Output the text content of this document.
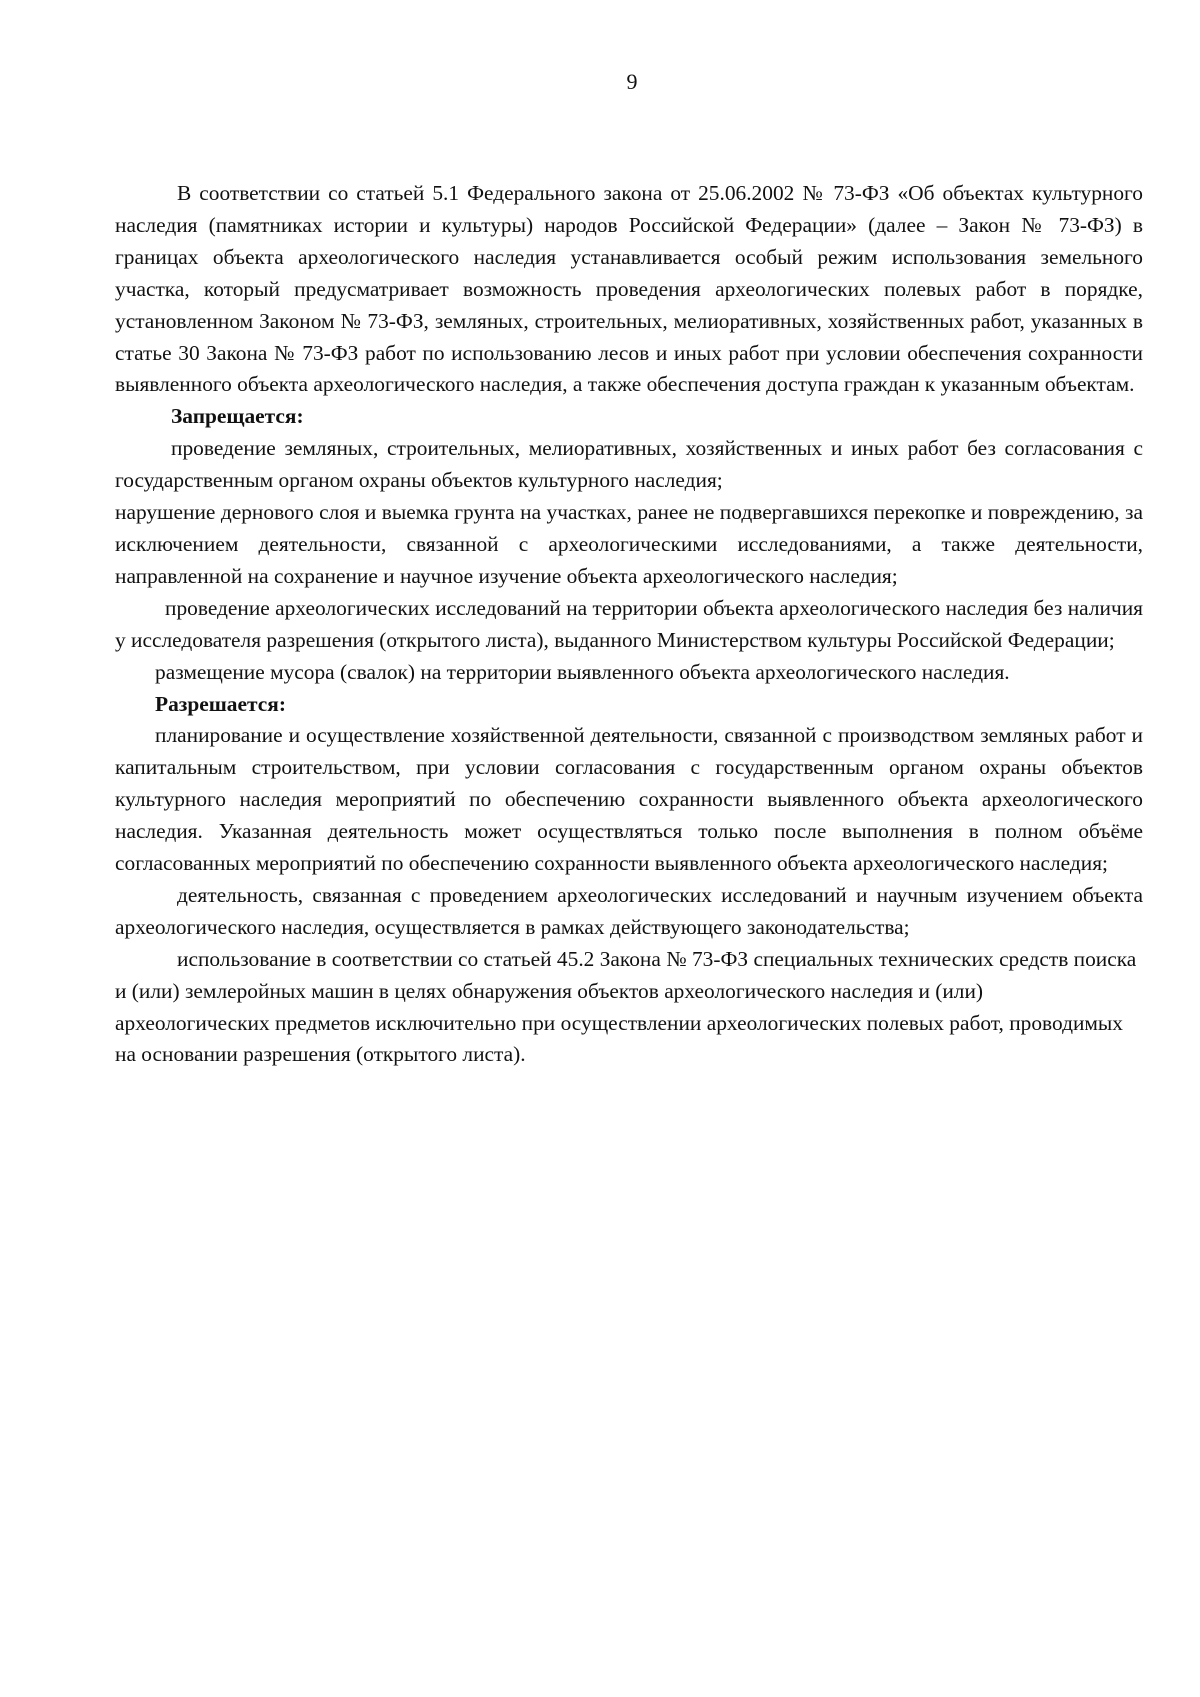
9

В соответствии со статьей 5.1 Федерального закона от 25.06.2002 № 73-ФЗ «Об объектах культурного наследия (памятниках истории и культуры) народов Российской Федерации» (далее – Закон № 73-ФЗ) в границах объекта археологического наследия устанавливается особый режим использования земельного участка, который предусматривает возможность проведения археологических полевых работ в порядке, установленном Законом № 73-ФЗ, земляных, строительных, мелиоративных, хозяйственных работ, указанных в статье 30 Закона № 73-ФЗ работ по использованию лесов и иных работ при условии обеспечения сохранности выявленного объекта археологического наследия, а также обеспечения доступа граждан к указанным объектам.

Запрещается:

проведение земляных, строительных, мелиоративных, хозяйственных и иных работ без согласования с государственным органом охраны объектов культурного наследия;

нарушение дернового слоя и выемка грунта на участках, ранее не подвергавшихся перекопке и повреждению, за исключением деятельности, связанной с археологическими исследованиями, а также деятельности, направленной на сохранение и научное изучение объекта археологического наследия;

проведение археологических исследований на территории объекта археологического наследия без наличия у исследователя разрешения (открытого листа), выданного Министерством культуры Российской Федерации;

размещение мусора (свалок) на территории выявленного объекта археологического наследия.

Разрешается:

планирование и осуществление хозяйственной деятельности, связанной с производством земляных работ и капитальным строительством, при условии согласования с государственным органом охраны объектов культурного наследия мероприятий по обеспечению сохранности выявленного объекта археологического наследия. Указанная деятельность может осуществляться только после выполнения в полном объёме согласованных мероприятий по обеспечению сохранности выявленного объекта археологического наследия;

деятельность, связанная с проведением археологических исследований и научным изучением объекта археологического наследия, осуществляется в рамках действующего законодательства;

использование в соответствии со статьей 45.2 Закона № 73-ФЗ специальных технических средств поиска и (или) землеройных машин в целях обнаружения объектов археологического наследия и (или) археологических предметов исключительно при осуществлении археологических полевых работ, проводимых на основании разрешения (открытого листа).
